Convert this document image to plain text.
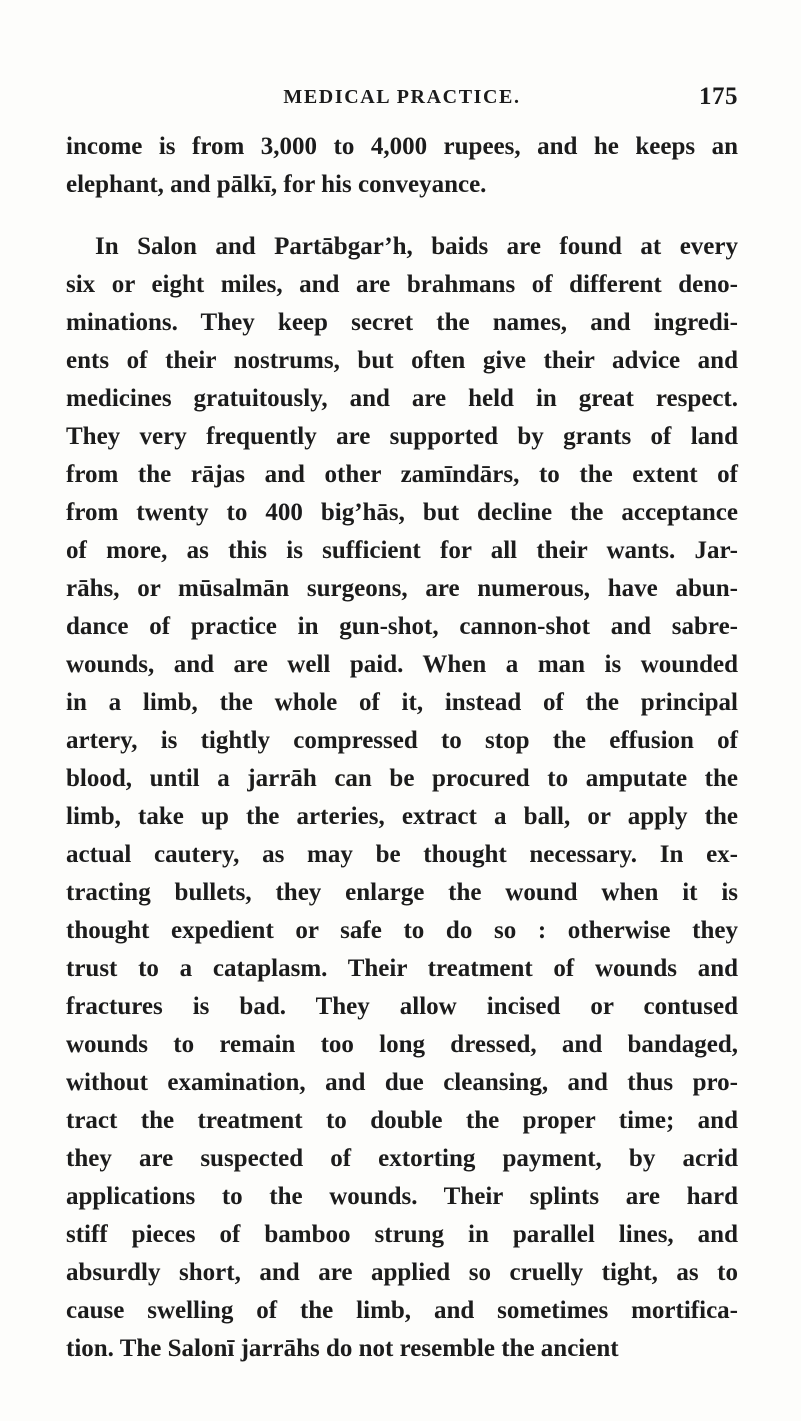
MEDICAL PRACTICE.	175
income is from 3,000 to 4,000 rupees, and he keeps an
elephant, and pālkī, for his conveyance.
In Salon and Partābgar’h, baids are found at every
six or eight miles, and are brahmans of different deno-
minations. They keep secret the names, and ingredi-
ents of their nostrums, but often give their advice and
medicines gratuitously, and are held in great respect.
They very frequently are supported by grants of land
from the rājas and other zamīndārs, to the extent of
from twenty to 400 big’hās, but decline the acceptance
of more, as this is sufficient for all their wants. Jar-
rāhs, or mūsalmān surgeons, are numerous, have abun-
dance of practice in gun-shot, cannon-shot and sabre-
wounds, and are well paid. When a man is wounded
in a limb, the whole of it, instead of the principal
artery, is tightly compressed to stop the effusion of
blood, until a jarrāh can be procured to amputate the
limb, take up the arteries, extract a ball, or apply the
actual cautery, as may be thought necessary. In ex-
tracting bullets, they enlarge the wound when it is
thought expedient or safe to do so : otherwise they
trust to a cataplasm. Their treatment of wounds and
fractures is bad. They allow incised or contused
wounds to remain too long dressed, and bandaged,
without examination, and due cleansing, and thus pro-
tract the treatment to double the proper time; and
they are suspected of extorting payment, by acrid
applications to the wounds. Their splints are hard
stiff pieces of bamboo strung in parallel lines, and
absurdly short, and are applied so cruelly tight, as to
cause swelling of the limb, and sometimes mortifica-
tion. The Salonī jarrāhs do not resemble the ancient
